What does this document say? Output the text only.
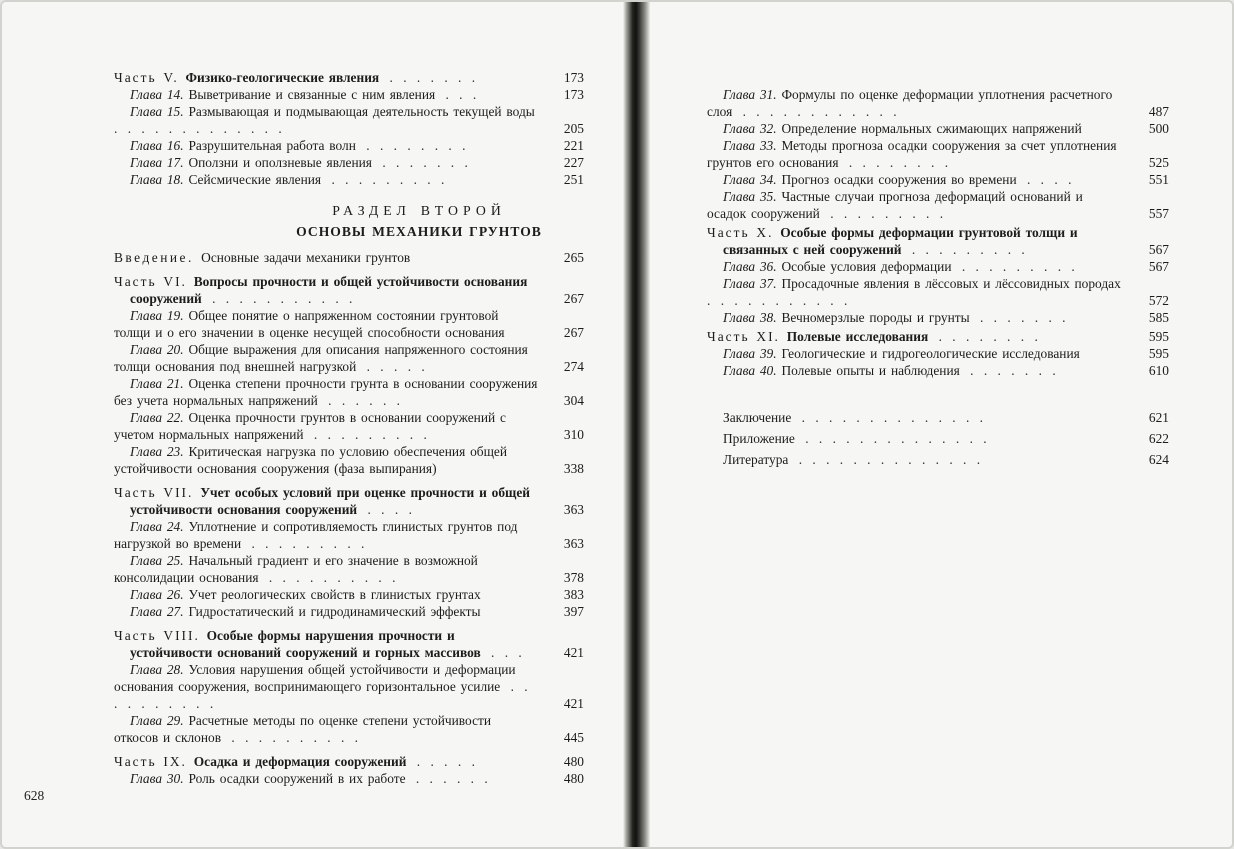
Часть V. Физико-геологические явления . . . . . . .	173
Глава 14. Выветривание и связанные с ним явления . . .	173
Глава 15. Размывающая и подмывающая деятельность текущей воды . . . . . . . . . . . . .	205
Глава 16. Разрушительная работа волн . . . . . . . .	221
Глава 17. Оползни и оползневые явления . . . . . . .	227
Глава 18. Сейсмические явления . . . . . . . . .	251
РАЗДЕЛ ВТОРОЙ
ОСНОВЫ МЕХАНИКИ ГРУНТОВ
Введение. Основные задачи механики грунтов	265
Часть VI. Вопросы прочности и общей устойчивости основания сооружений . . . . . . . . . . .	267
Глава 19. Общее понятие о напряженном состоянии грунтовой толщи и о его значении в оценке несущей способности основания	267
Глава 20. Общие выражения для описания напряженного состояния толщи основания под внешней нагрузкой . . . . .	274
Глава 21. Оценка степени прочности грунта в основании сооружения без учета нормальных напряжений . . . . . .	304
Глава 22. Оценка прочности грунтов в основании сооружений с учетом нормальных напряжений . . . . . . . . .	310
Глава 23. Критическая нагрузка по условию обеспечения общей устойчивости основания сооружения (фаза выпирания)	338
Часть VII. Учет особых условий при оценке прочности и общей устойчивости основания сооружений . . . .	363
Глава 24. Уплотнение и сопротивляемость глинистых грунтов под нагрузкой во времени . . . . . . . . .	363
Глава 25. Начальный градиент и его значение в возможной консолидации основания . . . . . . . . . .	378
Глава 26. Учет реологических свойств в глинистых грунтах	383
Глава 27. Гидростатический и гидродинамический эффекты	397
Часть VIII. Особые формы нарушения прочности и устойчивости оснований сооружений и горных массивов . . .	421
Глава 28. Условия нарушения общей устойчивости и деформации основания сооружения, воспринимающего горизонтальное усилие . . . . . . . . . .	421
Глава 29. Расчетные методы по оценке степени устойчивости откосов и склонов . . . . . . . . . .	445
Часть IX. Осадка и деформация сооружений . . . . .	480
Глава 30. Роль осадки сооружений в их работе . . . . . .	480
628
Глава 31. Формулы по оценке деформации уплотнения расчетного слоя . . . . . . . . . . . .	487
Глава 32. Определение нормальных сжимающих напряжений	500
Глава 33. Методы прогноза осадки сооружения за счет уплотнения грунтов его основания . . . . . . . .	525
Глава 34. Прогноз осадки сооружения во времени . . . .	551
Глава 35. Частные случаи прогноза деформаций оснований и осадок сооружений . . . . . . . . .	557
Часть X. Особые формы деформации грунтовой толщи и связанных с ней сооружений . . . . . . . . .	567
Глава 36. Особые условия деформации . . . . . . . . .	567
Глава 37. Просадочные явления в лёссовых и лёссовидных породах . . . . . . . . . . .	572
Глава 38. Вечномерзлые породы и грунты . . . . . . .	585
Часть XI. Полевые исследования . . . . . . . .	595
Глава 39. Геологические и гидрогеологические исследования	595
Глава 40. Полевые опыты и наблюдения . . . . . . .	610
Заключение . . . . . . . . . . . . . .	621
Приложение . . . . . . . . . . . . . .	622
Литература . . . . . . . . . . . . . .	624
